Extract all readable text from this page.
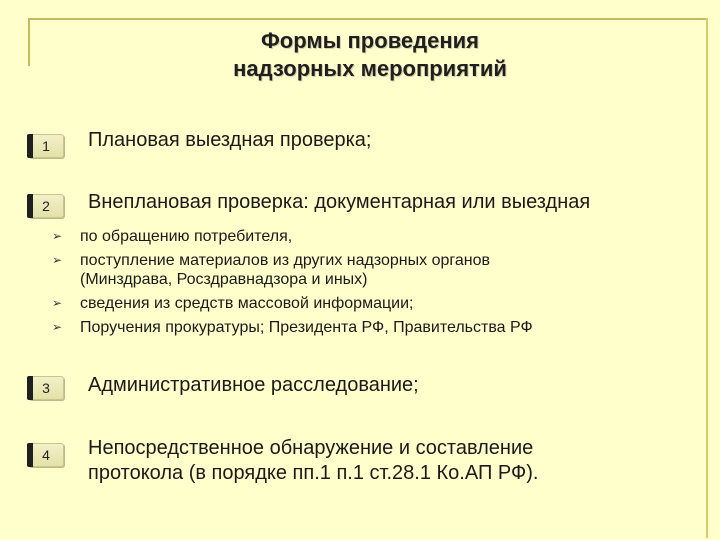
Формы проведения
надзорных мероприятий
1 Плановая выездная проверка;
2 Внеплановая проверка: документарная или выездная
➢	по обращению потребителя,
➢	поступление материалов из других надзорных органов (Минздрава, Росздравнадзора и иных)
➢	сведения из средств массовой информации;
➢	Поручения прокуратуры; Президента РФ, Правительства РФ
3 Административное расследование;
4 Непосредственное обнаружение и составление
протокола (в порядке пп.1 п.1 ст.28.1 Ко.АП РФ).
